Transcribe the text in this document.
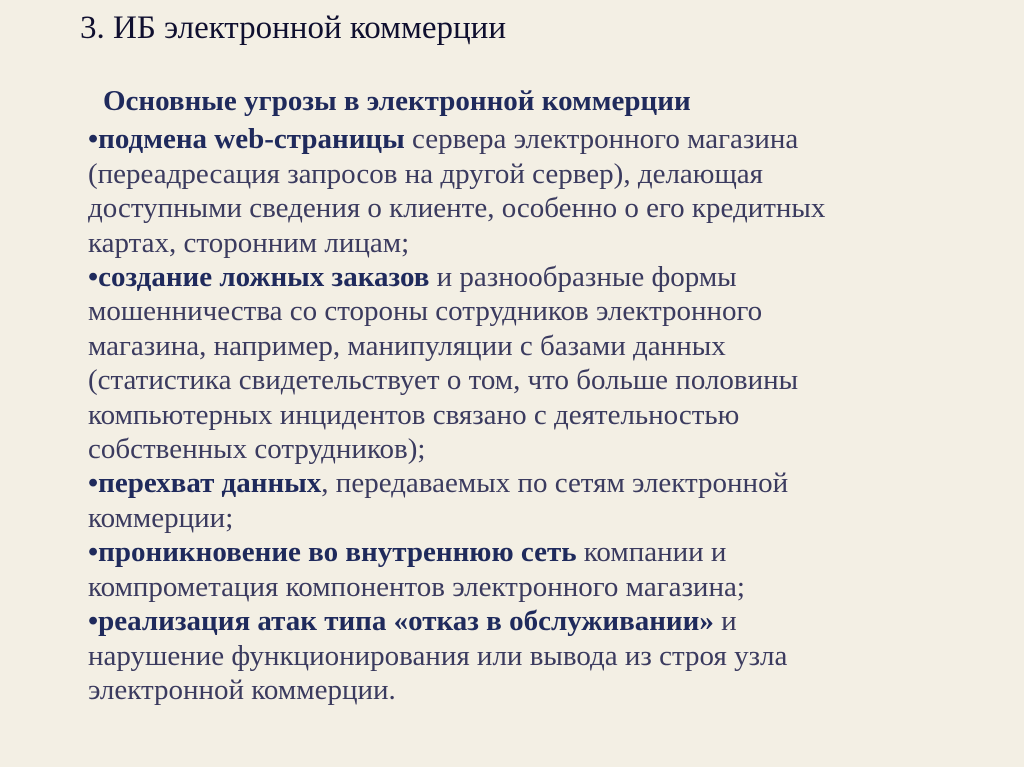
3. ИБ электронной коммерции
Основные угрозы в электронной коммерции
•подмена web-страницы сервера электронного магазина
(переадресация запросов на другой сервер), делающая
доступными сведения о клиенте, особенно о его кредитных
картах, сторонним лицам;
•создание ложных заказов и разнообразные формы
мошенничества со стороны сотрудников электронного
магазина, например, манипуляции с базами данных
(статистика свидетельствует о том, что больше половины
компьютерных инцидентов связано с деятельностью
собственных сотрудников);
•перехват данных, передаваемых по сетям электронной
коммерции;
•проникновение во внутреннюю сеть компании и
компрометация компонентов электронного магазина;
•реализация атак типа «отказ в обслуживании» и
нарушение функционирования или вывода из строя узла
электронной коммерции.
